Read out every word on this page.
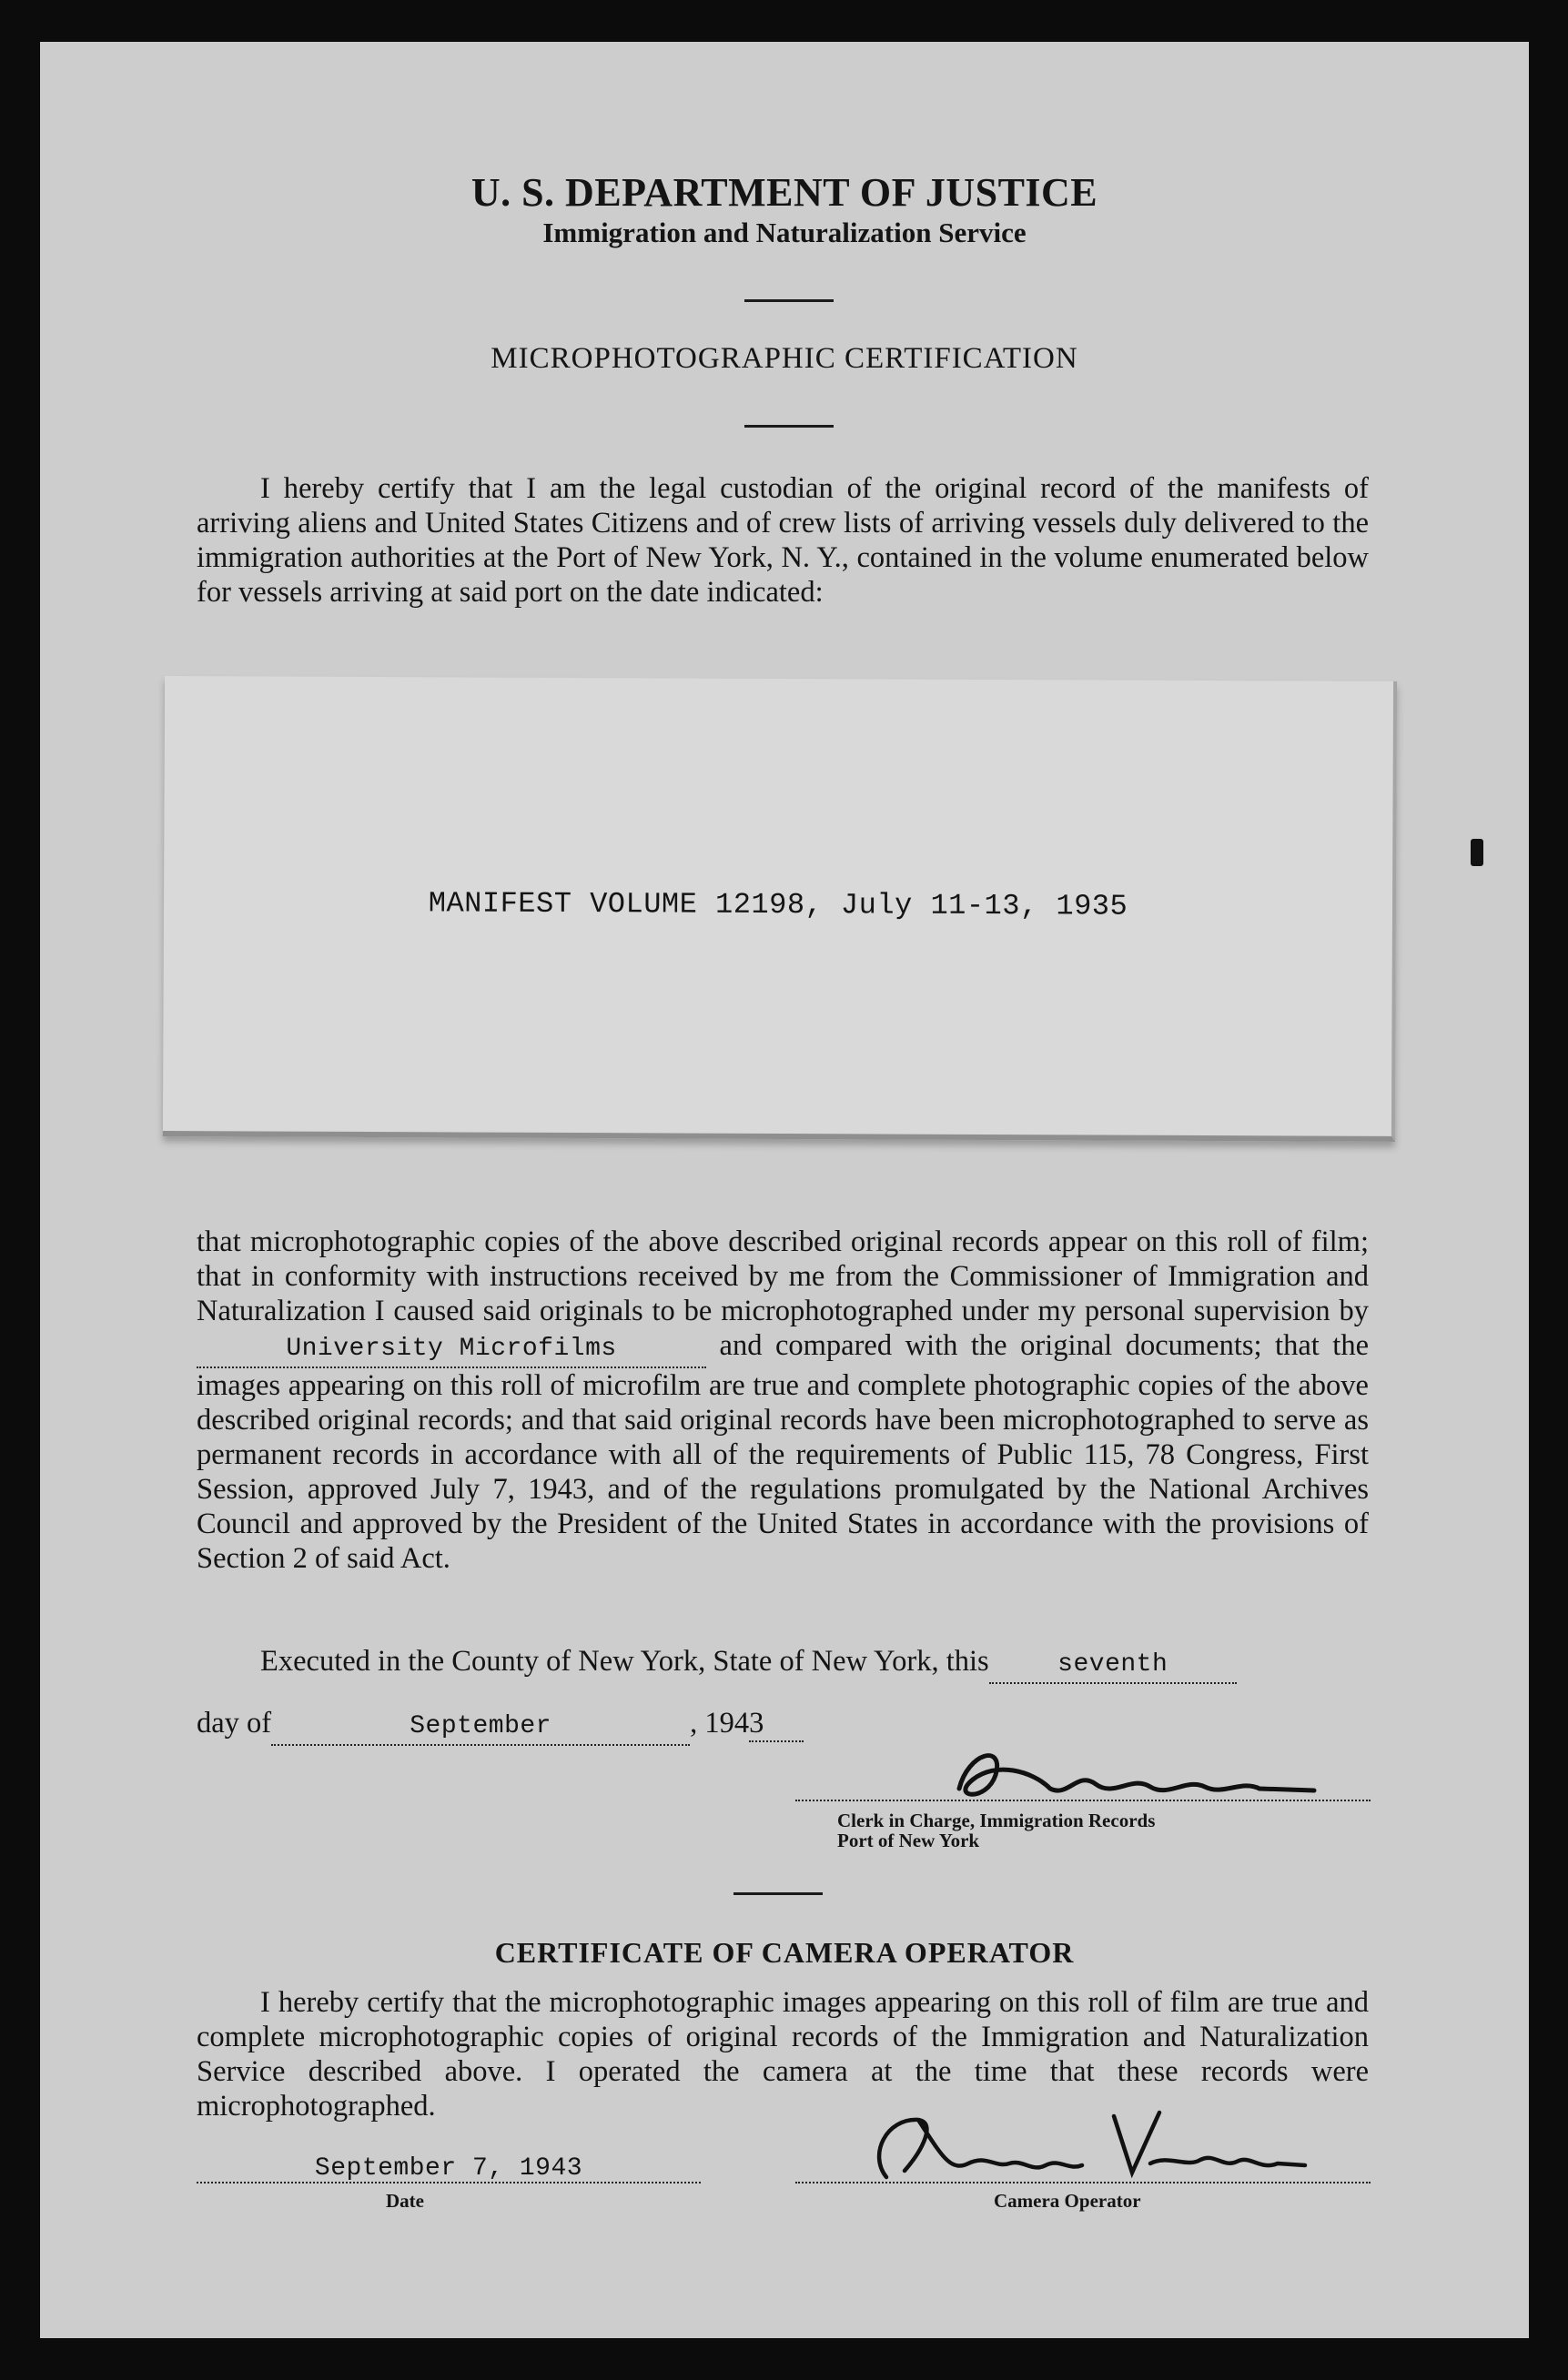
U. S. DEPARTMENT OF JUSTICE
Immigration and Naturalization Service
MICROPHOTOGRAPHIC CERTIFICATION

I hereby certify that I am the legal custodian of the original record of the manifests of arriving aliens and United States Citizens and of crew lists of arriving vessels duly delivered to the immigration authorities at the Port of New York, N. Y., contained in the volume enumerated below for vessels arriving at said port on the date indicated:

MANIFEST VOLUME 12198, July 11-13, 1935

that microphotographic copies of the above described original records appear on this roll of film; that in conformity with instructions received by me from the Commissioner of Immigration and Naturalization I caused said originals to be microphotographed under my personal supervision by University Microfilms	and compared with the original documents; that the images appearing on this roll of microfilm are true and complete photographic copies of the above described original records; and that said original records have been microphotographed to serve as permanent records in accordance with all of the requirements of Public 115, 78 Congress, First Session, approved July 7, 1943, and of the regulations promulgated by the National Archives Council and approved by the President of the United States in accordance with the provisions of Section 2 of said Act.

Executed in the County of New York, State of New York, this	seventh
day of	September	, 1943
Clerk in Charge, Immigration Records
Port of New York
CERTIFICATE OF CAMERA OPERATOR

I hereby certify that the microphotographic images appearing on this roll of film are true and complete microphotographic copies of original records of the Immigration and Naturalization Service described above. I operated the camera at the time that these records were microphotographed.

September 7, 1943
Date	Camera Operator
